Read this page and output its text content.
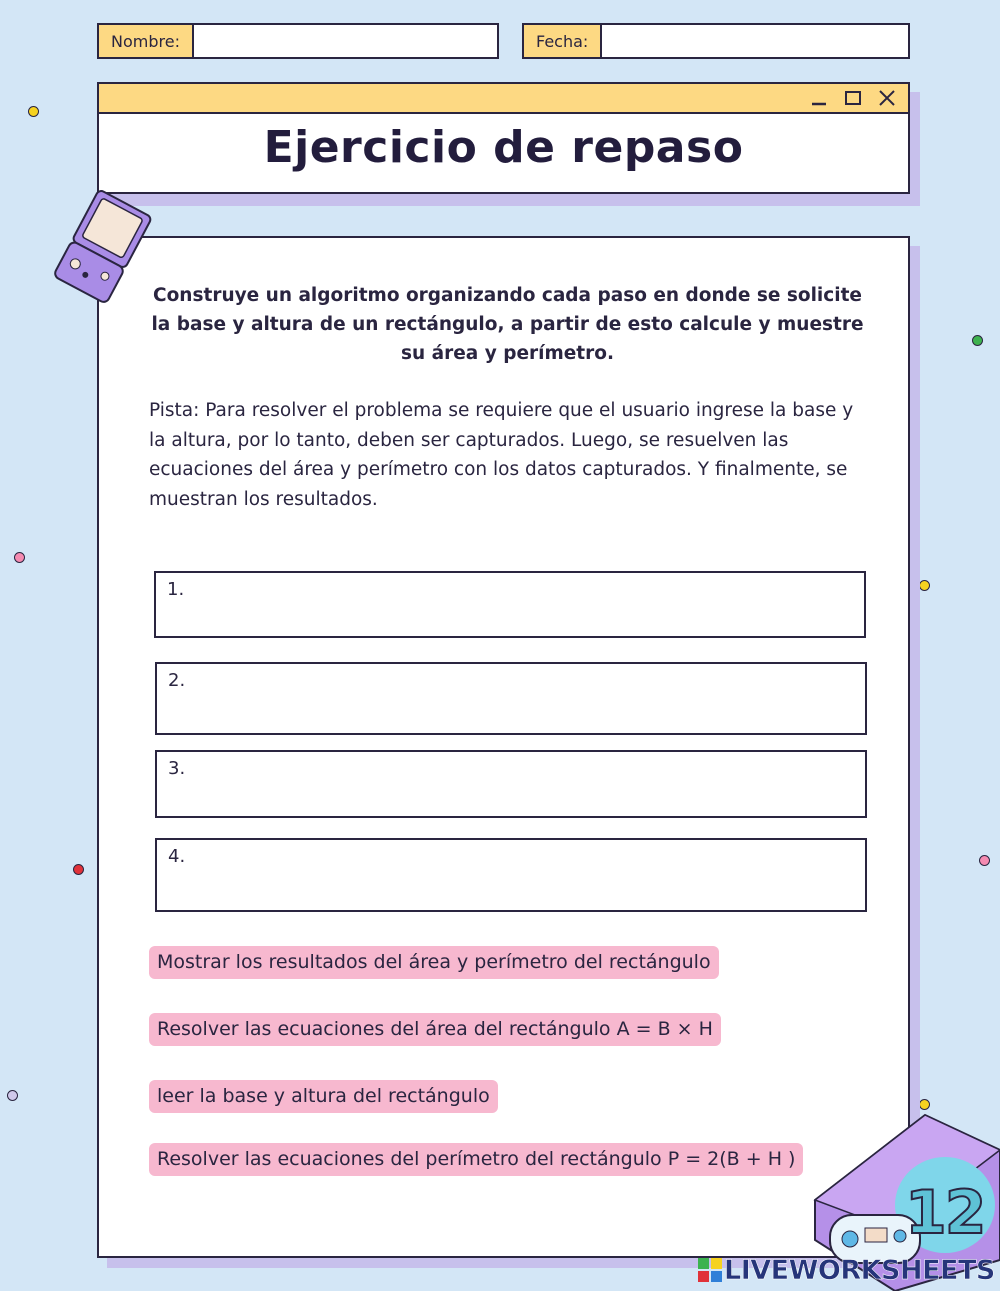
Nombre:	Fecha:
Ejercicio de repaso
Construye un algoritmo organizando cada paso en donde se solicite la base y altura de un rectángulo, a partir de esto calcule y muestre su área y perímetro.
Pista: Para resolver el problema se requiere que el usuario ingrese la base y la altura, por lo tanto, deben ser capturados. Luego, se resuelven las ecuaciones del área y perímetro con los datos capturados. Y finalmente, se muestran los resultados.
1.
2.
3.
4.
Mostrar los resultados del área y perímetro del rectángulo
Resolver las ecuaciones del área del rectángulo A = B × H
leer la base y altura del rectángulo
Resolver las ecuaciones del perímetro del rectángulo P = 2(B + H )
12
LIVEWORKSHEETS
